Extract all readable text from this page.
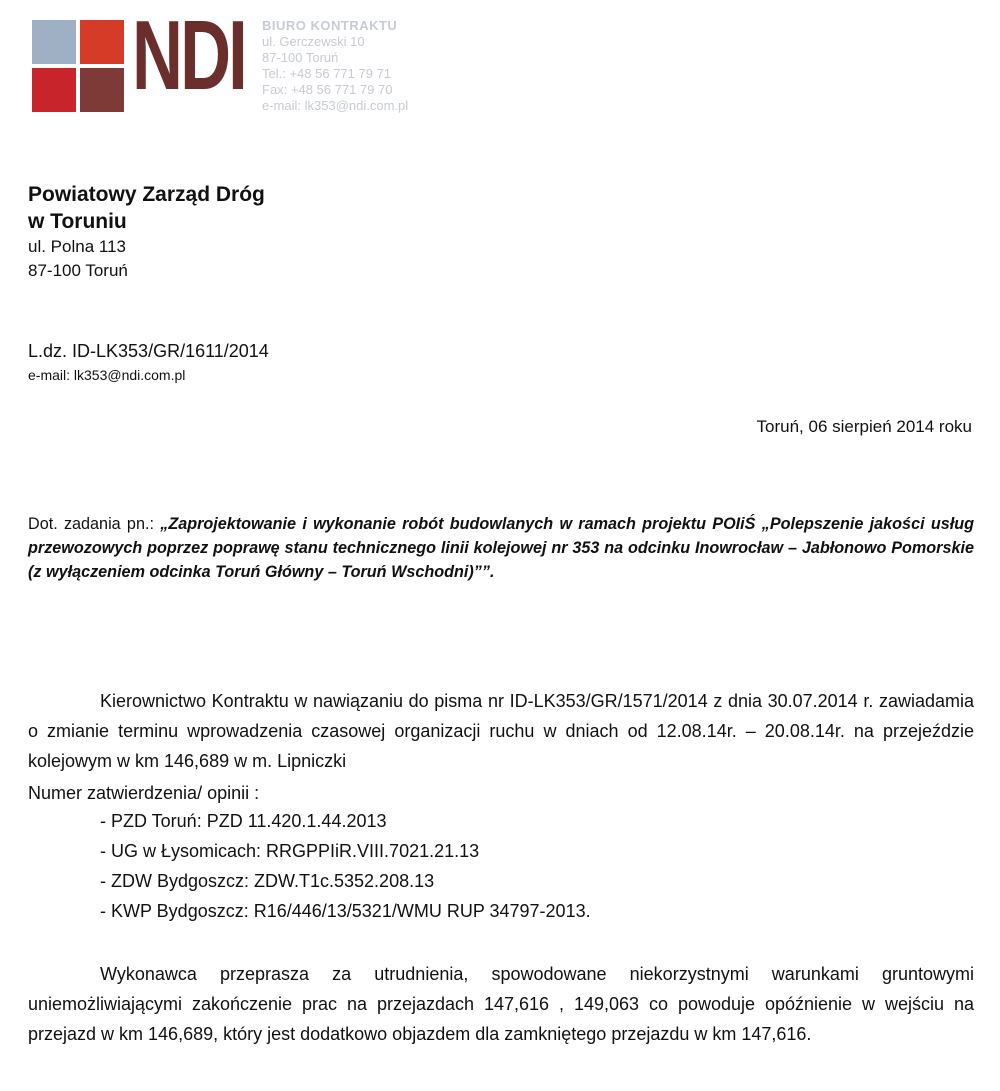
NDI BIURO KONTRAKTU
ul. Gerczewski 10
87-100 Toruń
Tel.: +48 56 771 79 71
Fax: +48 56 771 79 70
e-mail: lk353@ndi.com.pl
Powiatowy Zarząd Dróg
w Toruniu
ul. Polna 113
87-100 Toruń
L.dz. ID-LK353/GR/1611/2014
e-mail: lk353@ndi.com.pl
Toruń, 06 sierpień 2014 roku
Dot. zadania pn.: „Zaprojektowanie i wykonanie robót budowlanych w ramach projektu POIiŚ „Polepszenie jakości usług przewozowych poprzez poprawę stanu technicznego linii kolejowej nr 353 na odcinku Inowrocław – Jabłonowo Pomorskie (z wyłączeniem odcinka Toruń Główny – Toruń Wschodni)””.
Kierownictwo Kontraktu w nawiązaniu do pisma nr ID-LK353/GR/1571/2014 z dnia 30.07.2014 r. zawiadamia o zmianie terminu wprowadzenia czasowej organizacji ruchu w dniach od 12.08.14r. – 20.08.14r. na przejeździe kolejowym w km 146,689 w m. Lipniczki
Numer zatwierdzenia/ opinii :
- PZD Toruń: PZD 11.420.1.44.2013
- UG w Łysomicach: RRGPPIiR.VIII.7021.21.13
- ZDW Bydgoszcz: ZDW.T1c.5352.208.13
- KWP Bydgoszcz: R16/446/13/5321/WMU RUP 34797-2013.
Wykonawca przeprasza za utrudnienia, spowodowane niekorzystnymi warunkami gruntowymi uniemożliwiającymi zakończenie prac na przejazdach 147,616 , 149,063 co powoduje opóźnienie w wejściu na przejazd w km 146,689, który jest dodatkowo objazdem dla zamkniętego przejazdu w km 147,616.
